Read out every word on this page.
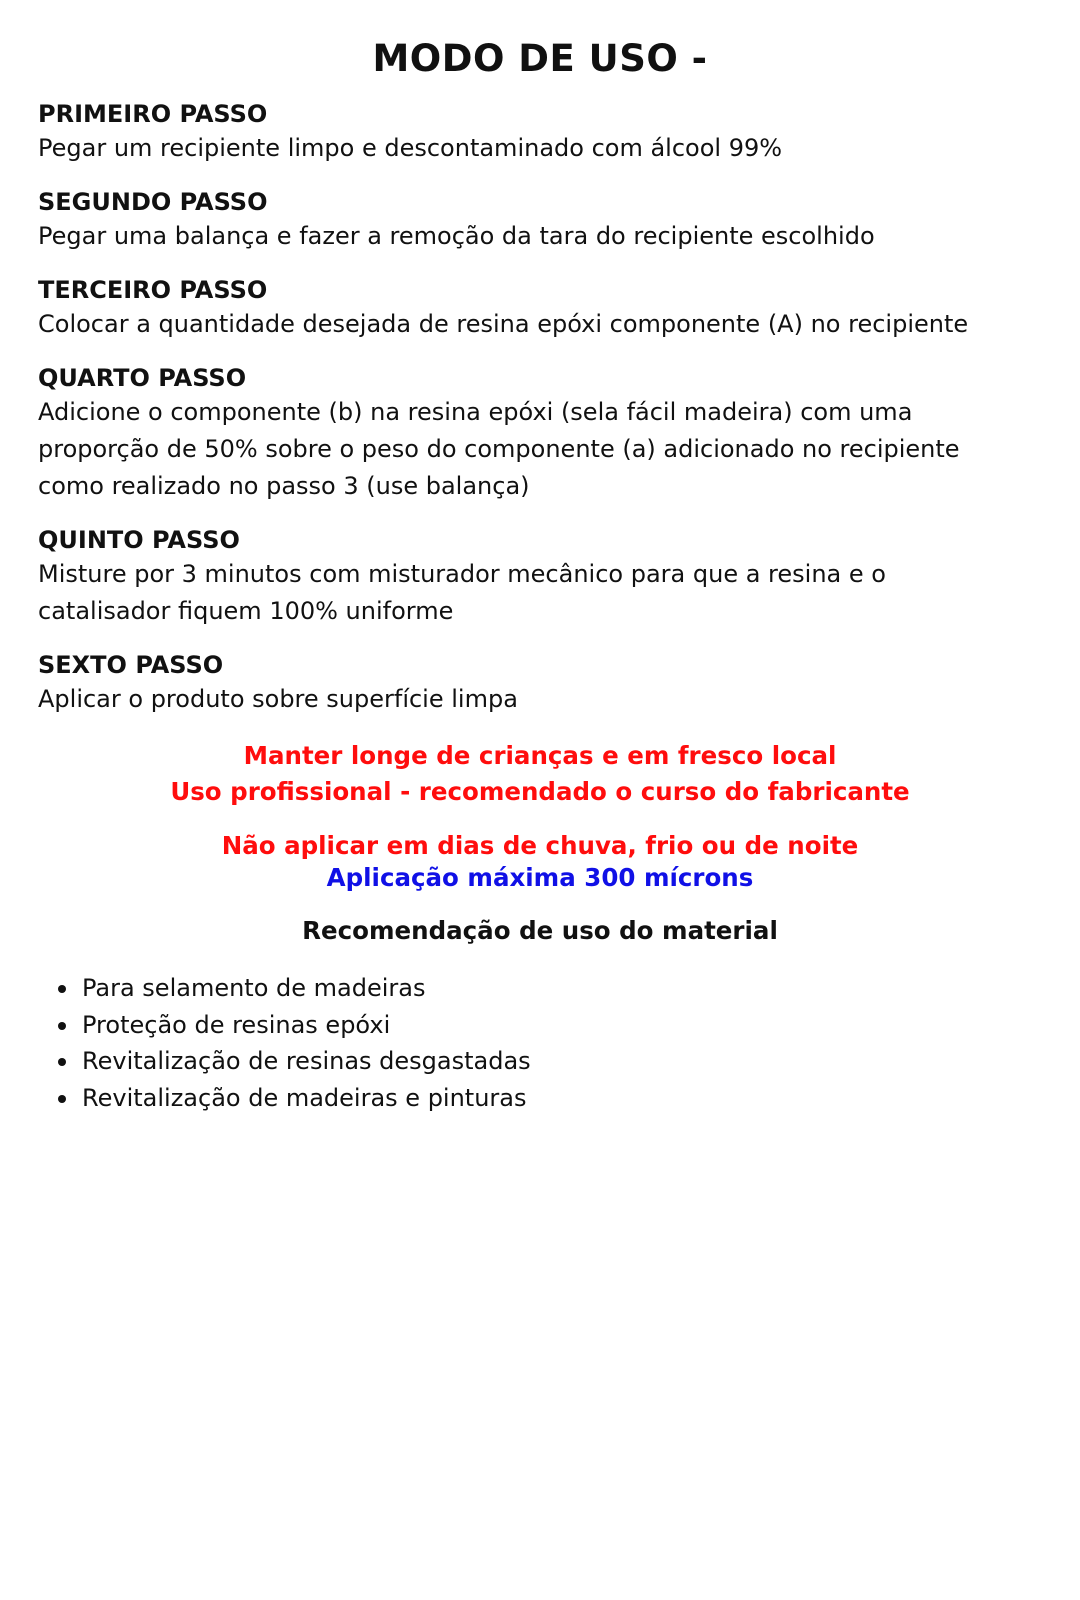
MODO DE USO -
PRIMEIRO PASSO
Pegar um recipiente limpo e descontaminado com álcool 99%
SEGUNDO PASSO
Pegar uma balança e fazer a remoção da tara do recipiente escolhido
TERCEIRO PASSO
Colocar a quantidade desejada de resina epóxi componente (A) no recipiente
QUARTO PASSO
Adicione o componente (b) na resina epóxi (sela fácil madeira) com uma
proporção de 50% sobre o peso do componente (a) adicionado no recipiente
como realizado no passo 3 (use balança)
QUINTO PASSO
Misture por 3 minutos com misturador mecânico para que a resina e o
catalisador fiquem 100% uniforme
SEXTO PASSO
Aplicar o produto sobre superfície limpa
Manter longe de crianças e em fresco local
Uso profissional - recomendado o curso do fabricante
Não aplicar em dias de chuva, frio ou de noite
Aplicação máxima 300 mícrons
Recomendação de uso do material
Para selamento de madeiras
Proteção de resinas epóxi
Revitalização de resinas desgastadas
Revitalização de madeiras e pinturas
